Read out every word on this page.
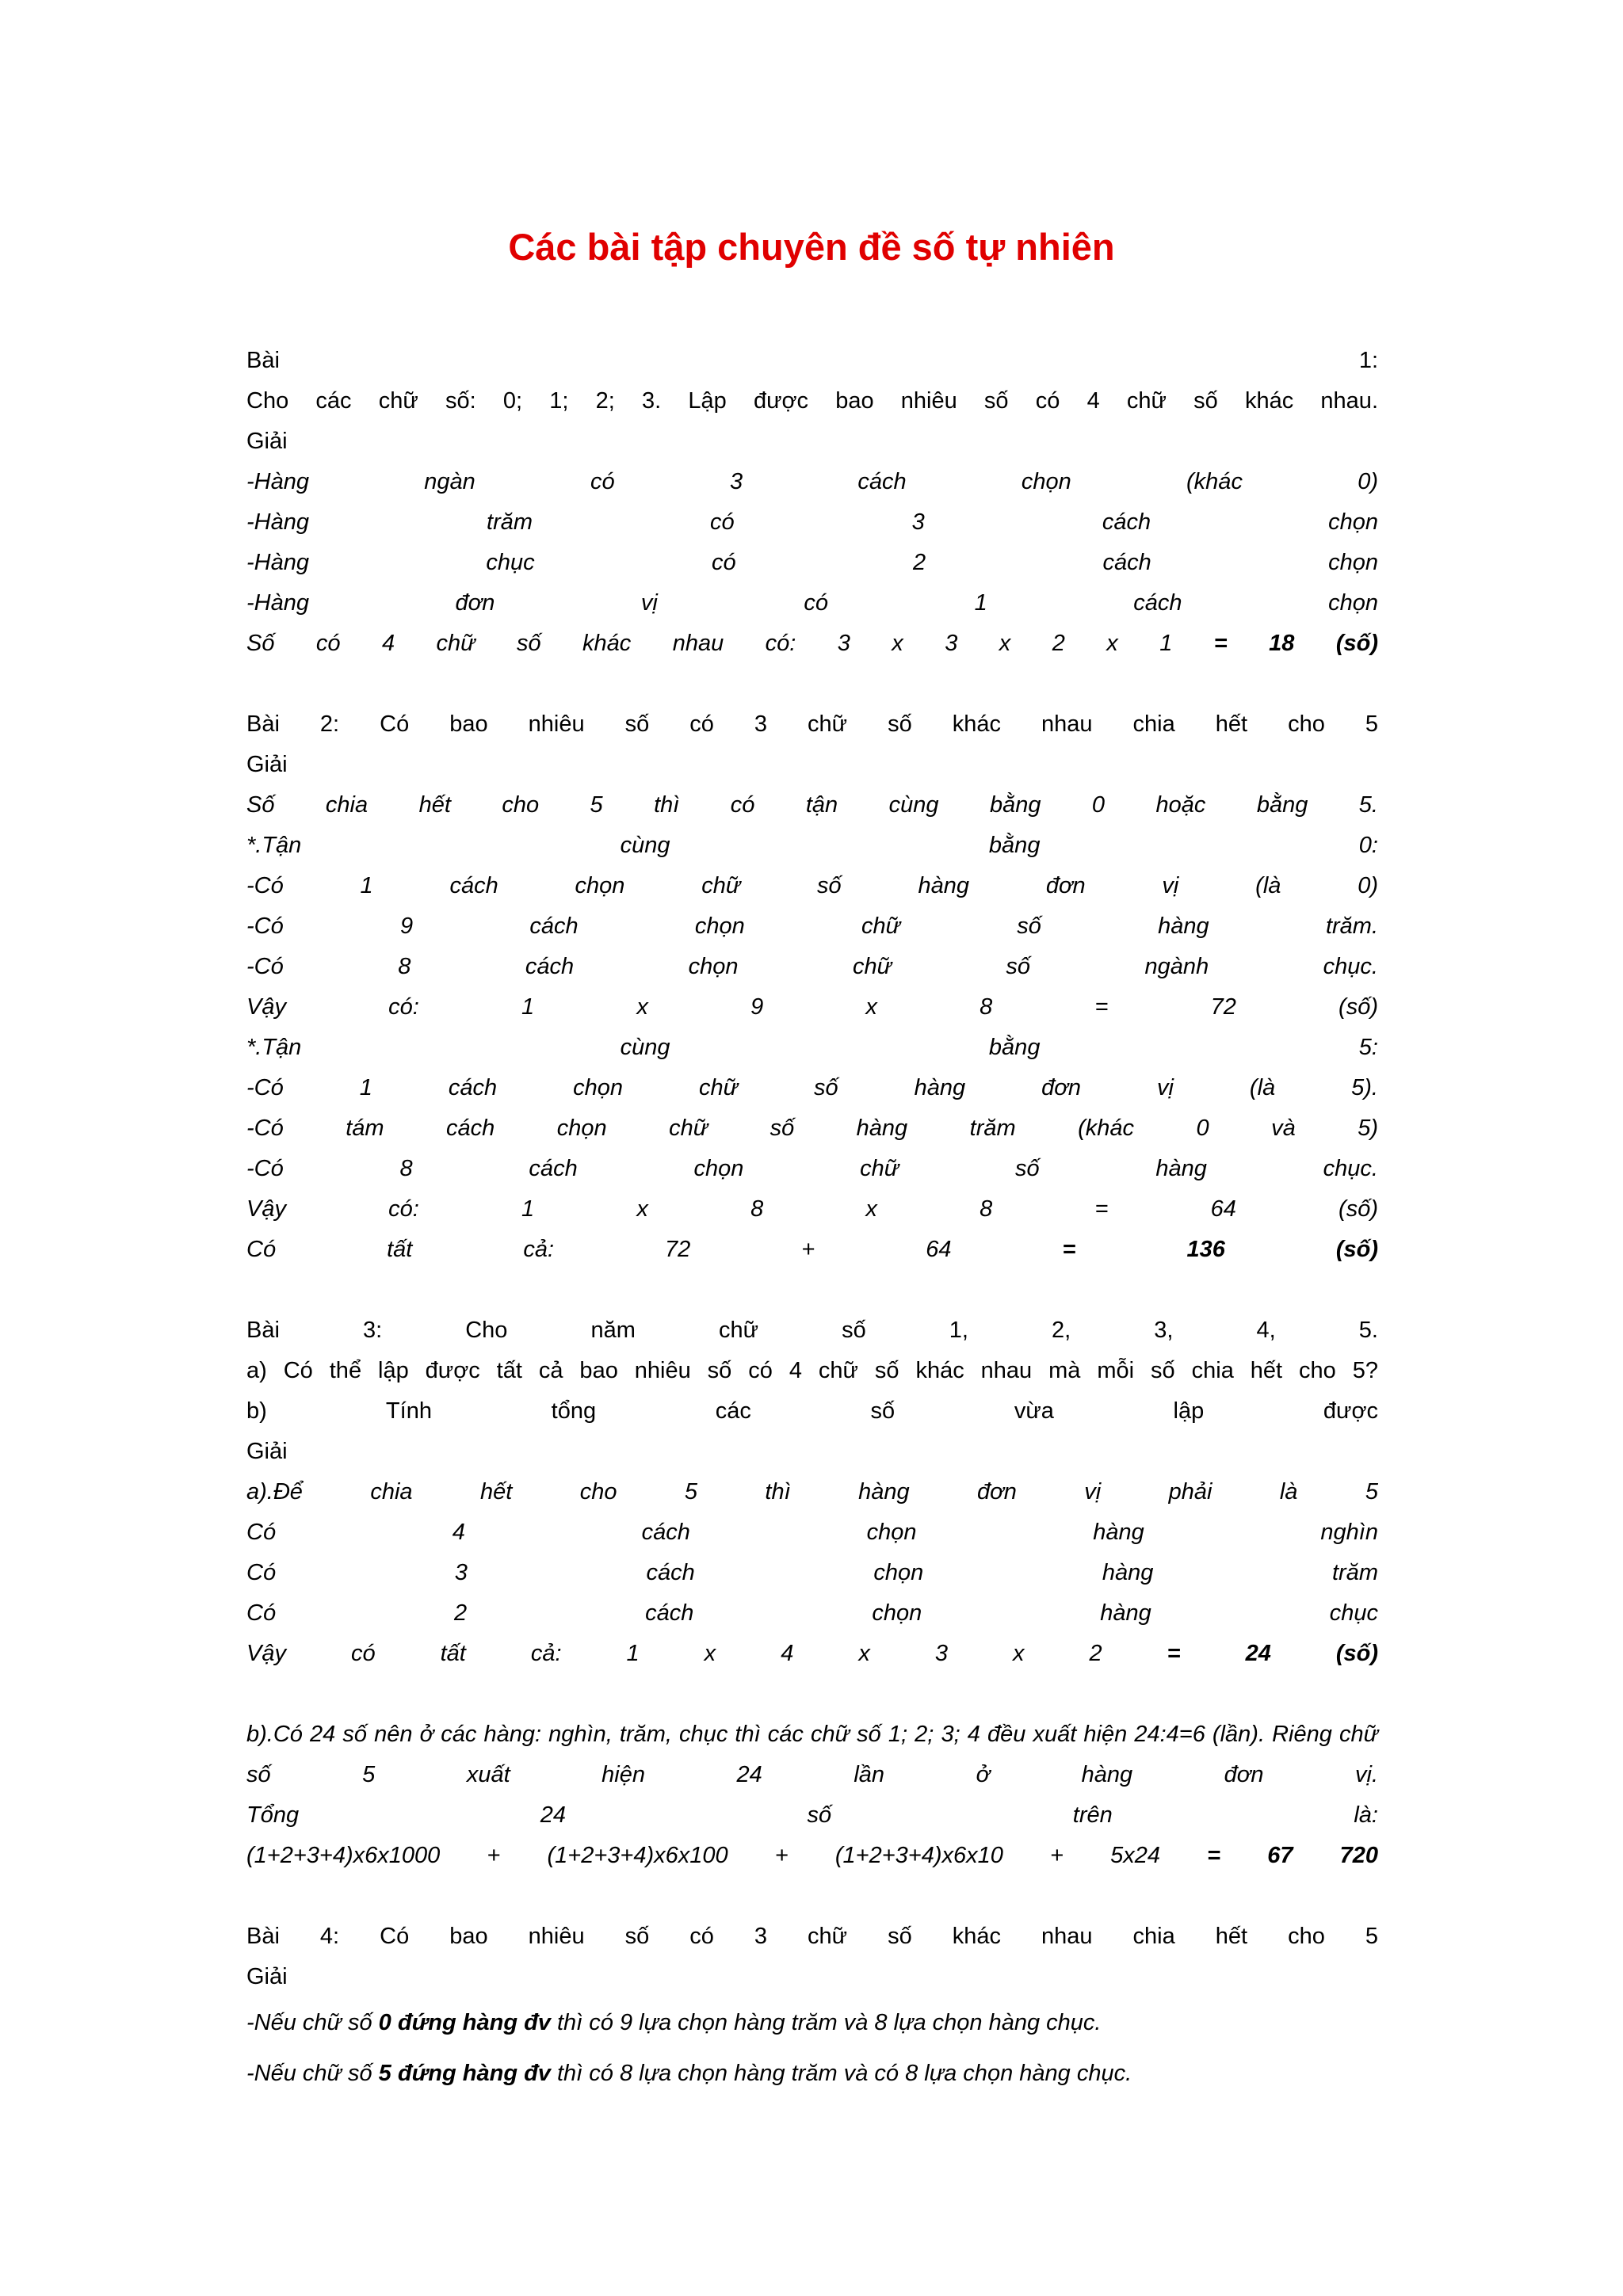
Các bài tập chuyên đề số tự nhiên
Bài	1:
Cho các chữ số: 0; 1; 2; 3. Lập được bao nhiêu số có 4 chữ số khác nhau.
Giải
-Hàng ngàn có 3 cách chọn (khác 0)
-Hàng trăm có 3 cách chọn
-Hàng chục có 2 cách chọn
-Hàng đơn vị có 1 cách chọn
Số có 4 chữ số khác nhau có: 3 x 3 x 2 x 1 = 18 (số)
Bài 2: Có bao nhiêu số có 3 chữ số khác nhau chia hết cho 5
Giải
Số chia hết cho 5 thì có tận cùng bằng 0 hoặc bằng 5.
*.Tận cùng bằng 0:
-Có 1 cách chọn chữ số hàng đơn vị (là 0)
-Có 9 cách chọn chữ số hàng trăm.
-Có 8 cách chọn chữ số ngành chục.
Vậy có: 1 x 9 x 8 = 72 (số)
*.Tận cùng bằng 5:
-Có 1 cách chọn chữ số hàng đơn vị (là 5).
-Có tám cách chọn chữ số hàng trăm (khác 0 và 5)
-Có 8 cách chọn chữ số hàng chục.
Vậy có: 1 x 8 x 8 = 64 (số)
Có tất cả: 72 + 64	= 136	(số)
Bài 3: Cho năm chữ số 1, 2, 3, 4, 5.
a) Có thể lập được tất cả bao nhiêu số có 4 chữ số khác nhau mà mỗi số chia hết cho 5?
b) Tính tổng các số vừa lập được
Giải
a).Để chia hết cho 5 thì hàng đơn vị phải là 5
Có 4 cách chọn hàng nghìn
Có 3 cách chọn hàng trăm
Có 2 cách chọn hàng chục
Vậy có tất cả: 1 x 4 x 3 x 2	= 24	(số)
b).Có 24 số nên ở các hàng: nghìn, trăm, chục thì các chữ số 1; 2; 3; 4 đều xuất hiện 24:4=6 (lần). Riêng chữ
số 5 xuất hiện 24 lần ở hàng đơn vị.
Tổng 24 số trên là:
(1+2+3+4)x6x1000 + (1+2+3+4)x6x100 + (1+2+3+4)x6x10 + 5x24 = 67 720
Bài 4: Có bao nhiêu số có 3 chữ số khác nhau chia hết cho 5
Giải
-Nếu chữ số 0 đứng hàng đv thì có 9 lựa chọn hàng trăm và 8 lựa chọn hàng chục.
-Nếu chữ số 5 đứng hàng đv thì có 8 lựa chọn hàng trăm và có 8 lựa chọn hàng chục.
